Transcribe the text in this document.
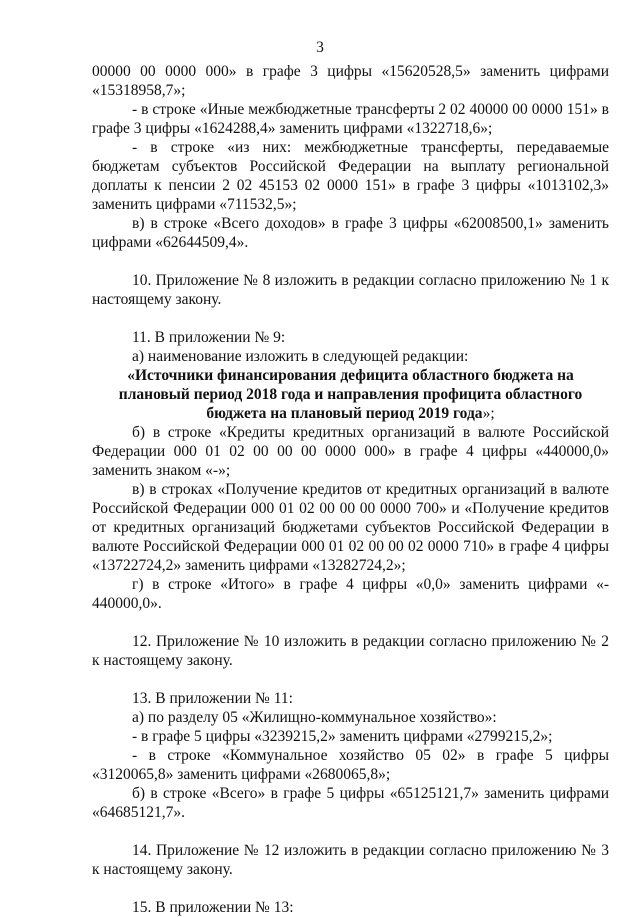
3

00000 00 0000 000» в графе 3 цифры «15620528,5» заменить цифрами «15318958,7»;

- в строке «Иные межбюджетные трансферты 2 02 40000 00 0000 151» в графе 3 цифры «1624288,4» заменить цифрами «1322718,6»;

- в строке «из них: межбюджетные трансферты, передаваемые бюджетам субъектов Российской Федерации на выплату региональной доплаты к пенсии 2 02 45153 02 0000 151» в графе 3 цифры «1013102,3» заменить цифрами «711532,5»;

в) в строке «Всего доходов» в графе 3 цифры «62008500,1» заменить цифрами «62644509,4».

10. Приложение № 8 изложить в редакции согласно приложению № 1 к настоящему закону.

11. В приложении № 9:

а) наименование изложить в следующей редакции:

«Источники финансирования дефицита областного бюджета на плановый период 2018 года и направления профицита областного бюджета на плановый период 2019 года»;

б) в строке «Кредиты кредитных организаций в валюте Российской Федерации 000 01 02 00 00 00 0000 000» в графе 4 цифры «440000,0» заменить знаком «-»;

в) в строках «Получение кредитов от кредитных организаций в валюте Российской Федерации 000 01 02 00 00 00 0000 700» и «Получение кредитов от кредитных организаций бюджетами субъектов Российской Федерации в валюте Российской Федерации 000 01 02 00 00 02 0000 710» в графе 4 цифры «13722724,2» заменить цифрами «13282724,2»;

г) в строке «Итого» в графе 4 цифры «0,0» заменить цифрами «- 440000,0».

12. Приложение № 10 изложить в редакции согласно приложению № 2 к настоящему закону.

13. В приложении № 11:

а) по разделу 05 «Жилищно-коммунальное хозяйство»:

- в графе 5 цифры «3239215,2» заменить цифрами «2799215,2»;

- в строке «Коммунальное хозяйство 05 02» в графе 5 цифры «3120065,8» заменить цифрами «2680065,8»;

б) в строке «Всего» в графе 5 цифры «65125121,7» заменить цифрами «64685121,7».

14. Приложение № 12 изложить в редакции согласно приложению № 3 к настоящему закону.

15. В приложении № 13:
